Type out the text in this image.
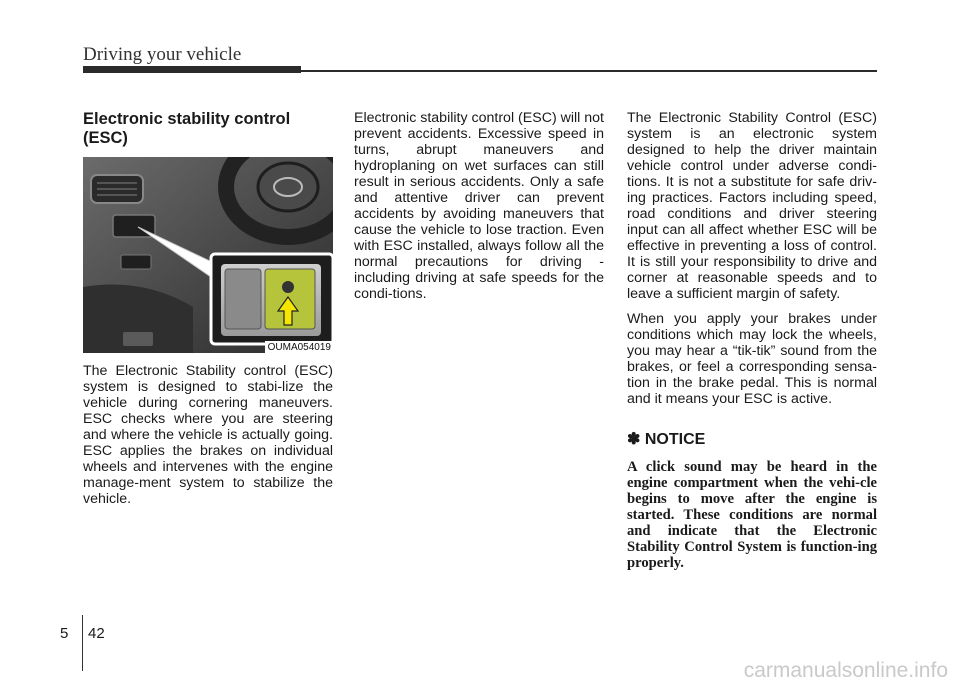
Driving your vehicle
Electronic stability control
(ESC)
OUMA054019

The Electronic Stability control (ESC) system is designed to stabi-lize the vehicle during cornering maneuvers. ESC checks where you are steering and where the vehicle is actually going. ESC applies the brakes on individual wheels and intervenes with the engine manage-ment system to stabilize the vehicle.

Electronic stability control (ESC) will not prevent accidents. Excessive speed in turns, abrupt maneuvers and hydroplaning on wet surfaces can still result in serious accidents. Only a safe and attentive driver can prevent accidents by avoiding maneuvers that cause the vehicle to lose traction. Even with ESC installed, always follow all the normal precautions for driving - including driving at safe speeds for the condi-tions.

The Electronic Stability Control (ESC) system is an electronic system designed to help the driver maintain vehicle control under adverse condi-tions. It is not a substitute for safe driv-ing practices. Factors including speed, road conditions and driver steering input can all affect whether ESC will be effective in preventing a loss of control. It is still your responsibility to drive and corner at reasonable speeds and to leave a sufficient margin of safety.

When you apply your brakes under conditions which may lock the wheels, you may hear a “tik-tik” sound from the brakes, or feel a corresponding sensa-tion in the brake pedal. This is normal and it means your ESC is active.

✽ NOTICE

A click sound may be heard in the engine compartment when the vehi-cle begins to move after the engine is started. These conditions are normal and indicate that the Electronic Stability Control System is function-ing properly.

5 42
carmanualsonline.info
